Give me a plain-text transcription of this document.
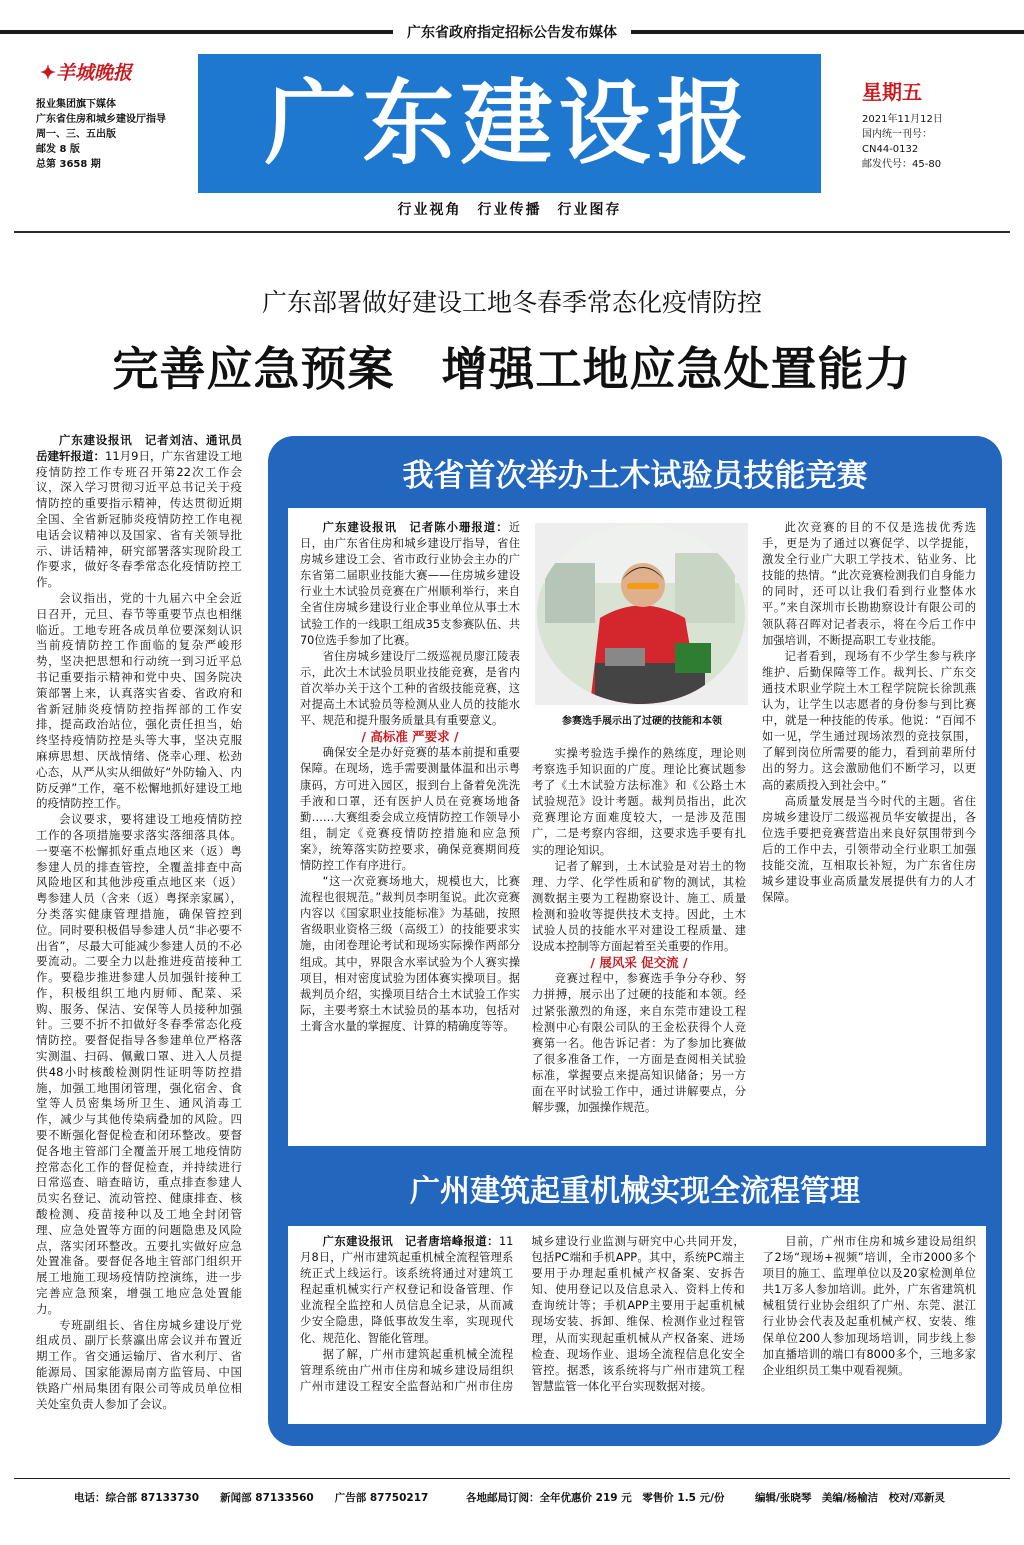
广东省政府指定招标公告发布媒体
✦羊城晚报
报业集团旗下媒体
广东省住房和城乡建设厅指导
周一、三、五出版
邮发 8 版
总第 3658 期	广东建设报
行业视角　行业传播　行业图存
星期五
2021年11月12日
国内统一刊号：
CN44-0132
邮发代号：45-80
广东部署做好建设工地冬春季常态化疫情防控
完善应急预案　增强工地应急处置能力

广东建设报讯　记者刘洁、通讯员岳建轩报道：11月9日，广东省建设工地疫情防控工作专班召开第22次工作会议，深入学习贯彻习近平总书记关于疫情防控的重要指示精神，传达贯彻近期全国、全省新冠肺炎疫情防控工作电视电话会议精神以及国家、省有关领导批示、讲话精神，研究部署落实现阶段工作要求，做好冬春季常态化疫情防控工作。

会议指出，党的十九届六中全会近日召开，元旦、春节等重要节点也相继临近。工地专班各成员单位要深刻认识当前疫情防控工作面临的复杂严峻形势，坚决把思想和行动统一到习近平总书记重要指示精神和党中央、国务院决策部署上来，认真落实省委、省政府和省新冠肺炎疫情防控指挥部的工作安排，提高政治站位，强化责任担当，始终坚持疫情防控是头等大事，坚决克服麻痹思想、厌战情绪、侥幸心理、松劲心态，从严从实从细做好“外防输入、内防反弹”工作，毫不松懈地抓好建设工地的疫情防控工作。

会议要求，要将建设工地疫情防控工作的各项措施要求落实落细落具体。一要毫不松懈抓好重点地区来（返）粤参建人员的排查管控，全覆盖排查中高风险地区和其他涉疫重点地区来（返）粤参建人员（含来（返）粤探亲家属），分类落实健康管理措施，确保管控到位。同时要积极倡导参建人员“非必要不出省”，尽最大可能减少参建人员的不必要流动。二要全力以赴推进疫苗接种工作。要稳步推进参建人员加强针接种工作，积极组织工地内厨师、配菜、采购、服务、保洁、安保等人员接种加强针。三要不折不扣做好冬春季常态化疫情防控。要督促指导各参建单位严格落实测温、扫码、佩戴口罩、进入人员提供48小时核酸检测阴性证明等防控措施，加强工地围闭管理，强化宿舍、食堂等人员密集场所卫生、通风消毒工作，减少与其他传染病叠加的风险。四要不断强化督促检查和闭环整改。要督促各地主管部门全覆盖开展工地疫情防控常态化工作的督促检查，并持续进行日常巡查、暗查暗访，重点排查参建人员实名登记、流动管控、健康排查、核酸检测、疫苗接种以及工地全封闭管理、应急处置等方面的问题隐患及风险点，落实闭环整改。五要扎实做好应急处置准备。要督促各地主管部门组织开展工地施工现场疫情防控演练，进一步完善应急预案，增强工地应急处置能力。

专班副组长、省住房城乡建设厅党组成员、副厅长蔡瀛出席会议并布置近期工作。省交通运输厅、省水利厅、省能源局、国家能源局南方监管局、中国铁路广州局集团有限公司等成员单位相关处室负责人参加了会议。

我省首次举办土木试验员技能竞赛

广东建设报讯　记者陈小珊报道：近日，由广东省住房和城乡建设厅指导，省住房城乡建设工会、省市政行业协会主办的广东省第二届职业技能大赛——住房城乡建设行业土木试验员竞赛在广州顺利举行，来自全省住房城乡建设行业企事业单位从事土木试验工作的一线职工组成35支参赛队伍、共70位选手参加了比赛。

省住房城乡建设厅二级巡视员廖江陵表示，此次土木试验员职业技能竞赛，是省内首次举办关于这个工种的省级技能竞赛，这对提高土木试验员等检测从业人员的技能水平、规范和提升服务质量具有重要意义。

/ 高标准 严要求 /

确保安全是办好竞赛的基本前提和重要保障。在现场，选手需要测量体温和出示粤康码，方可进入园区，报到台上备着免洗洗手液和口罩，还有医护人员在竞赛场地备勤……大赛组委会成立疫情防控工作领导小组，制定《竞赛疫情防控措施和应急预案》，统筹落实防控要求，确保竞赛期间疫情防控工作有序进行。

“这一次竞赛场地大，规模也大，比赛流程也很规范。”裁判员李明玺说。此次竞赛内容以《国家职业技能标准》为基础，按照省级职业资格三级（高级工）的技能要求实施，由闭卷理论考试和现场实际操作两部分组成。其中，界限含水率试验为个人赛实操项目，相对密度试验为团体赛实操项目。据裁判员介绍，实操项目结合土木试验工作实际，主要考察土木试验员的基本功，包括对土膏含水量的掌握度、计算的精确度等等。

参赛选手展示出了过硬的技能和本领

实操考验选手操作的熟练度，理论则考察选手知识面的广度。理论比赛试题参考了《土木试验方法标准》和《公路土木试验规范》设计考题。裁判员指出，此次竞赛理论方面难度较大，一是涉及范围广，二是考察内容细，这要求选手要有扎实的理论知识。

记者了解到，土木试验是对岩土的物理、力学、化学性质和矿物的测试，其检测数据主要为工程勘察设计、施工、质量检测和验收等提供技术支持。因此，土木试验人员的技能水平对建设工程质量、建设成本控制等方面起着至关重要的作用。

/ 展风采 促交流 /

竞赛过程中，参赛选手争分夺秒、努力拼搏，展示出了过硬的技能和本领。经过紧张激烈的角逐，来自东莞市建设工程检测中心有限公司队的王金松获得个人竞赛第一名。他告诉记者：为了参加比赛做了很多准备工作，一方面是查阅相关试验标准，掌握要点来提高知识储备；另一方面在平时试验工作中，通过讲解要点，分解步骤，加强操作规范。

此次竞赛的目的不仅是选拔优秀选手，更是为了通过以赛促学、以学提能，激发全行业广大职工学技术、钻业务、比技能的热情。“此次竞赛检测我们自身能力的同时，还可以让我们看到行业整体水平。”来自深圳市长勘勘察设计有限公司的领队蒋召晖对记者表示，将在今后工作中加强培训，不断提高职工专业技能。

记者看到，现场有不少学生参与秩序维护、后勤保障等工作。裁判长、广东交通技术职业学院土木工程学院院长徐凯燕认为，让学生以志愿者的身份参与到比赛中，就是一种技能的传承。他说：“百闻不如一见，学生通过现场浓烈的竞技氛围，了解到岗位所需要的能力，看到前辈所付出的努力。这会激励他们不断学习，以更高的素质投入到社会中。”

高质量发展是当今时代的主题。省住房城乡建设厅二级巡视员华安敏提出，各位选手要把竞赛营造出来良好氛围带到今后的工作中去，引领带动全行业职工加强技能交流，互相取长补短，为广东省住房城乡建设事业高质量发展提供有力的人才保障。

广州建筑起重机械实现全流程管理

广东建设报讯　记者唐培峰报道：11月8日，广州市建筑起重机械全流程管理系统正式上线运行。该系统将通过对建筑工程起重机械实行产权登记和设备管理、作业流程全监控和人员信息全记录，从而减少安全隐患，降低事故发生率，实现现代化、规范化、智能化管理。

据了解，广州市建筑起重机械全流程管理系统由广州市住房和城乡建设局组织广州市建设工程安全监督站和广州市住房城乡建设行业监测与研究中心共同开发，包括PC端和手机APP。其中，系统PC端主要用于办理起重机械产权备案、安拆告知、使用登记以及信息录入、资料上传和查询统计等；手机APP主要用于起重机械现场安装、拆卸、维保、检测作业过程管理，从而实现起重机械从产权备案、进场检查、现场作业、退场全流程信息化安全管控。据悉，该系统将与广州市建筑工程智慧监管一体化平台实现数据对接。

目前，广州市住房和城乡建设局组织了2场“现场+视频”培训，全市2000多个项目的施工、监理单位以及20家检测单位共1万多人参加培训。此外，广东省建筑机械租赁行业协会组织了广州、东莞、湛江行业协会代表及起重机械产权、安装、维保单位200人参加现场培训，同步线上参加直播培训的端口有8000多个，三地多家企业组织员工集中观看视频。

电话：综合部 87133730　　新闻部 87133560　　广告部 87750217	各地邮局订阅：全年优惠价 219 元　零售价 1.5 元/份	编辑/张晓琴　美编/杨榆洁　校对/邓新灵
